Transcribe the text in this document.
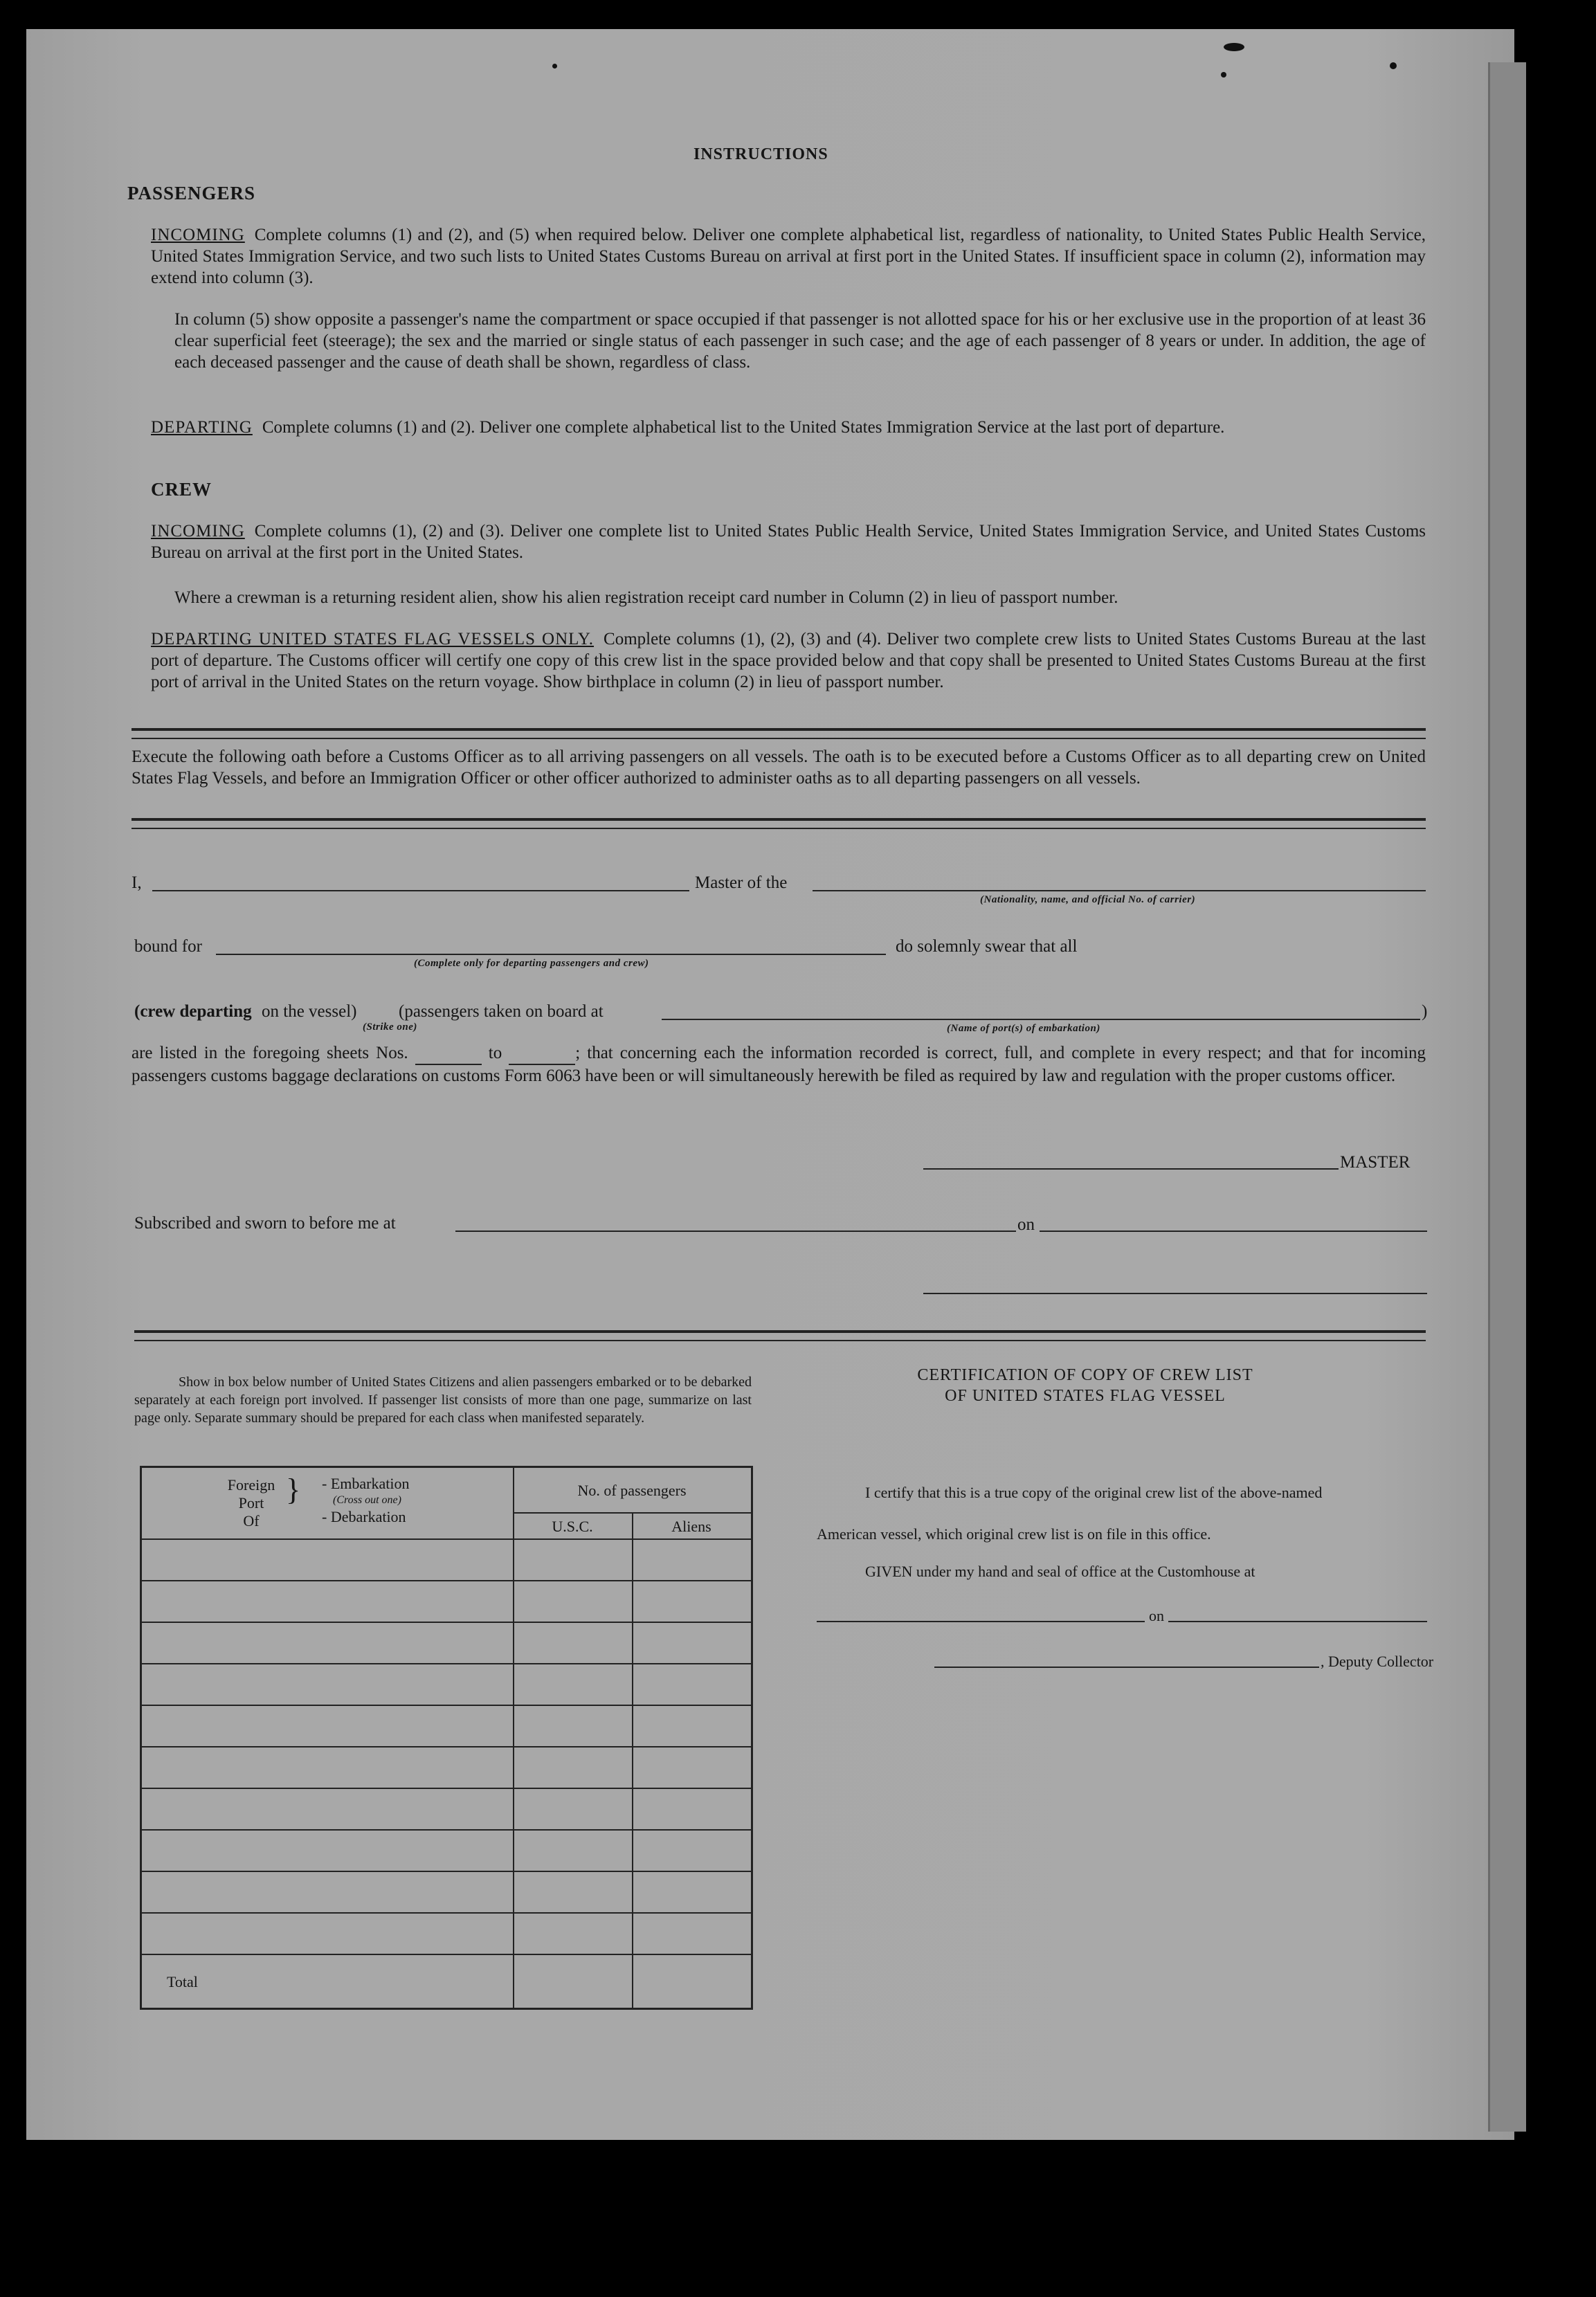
INSTRUCTIONS

PASSENGERS

INCOMING Complete columns (1) and (2), and (5) when required below. Deliver one complete alphabetical list, regardless of nationality, to United States Public Health Service, United States Immigration Service, and two such lists to United States Customs Bureau on arrival at first port in the United States. If insufficient space in column (2), information may extend into column (3).

In column (5) show opposite a passenger's name the compartment or space occupied if that passenger is not allotted space for his or her exclusive use in the proportion of at least 36 clear superficial feet (steerage); the sex and the married or single status of each passenger in such case; and the age of each passenger of 8 years or under. In addition, the age of each deceased passenger and the cause of death shall be shown, regardless of class.

DEPARTING Complete columns (1) and (2). Deliver one complete alphabetical list to the United States Immigration Service at the last port of departure.

CREW

INCOMING Complete columns (1), (2) and (3). Deliver one complete list to United States Public Health Service, United States Immigration Service, and United States Customs Bureau on arrival at the first port in the United States.

Where a crewman is a returning resident alien, show his alien registration receipt card number in Column (2) in lieu of passport number.

DEPARTING UNITED STATES FLAG VESSELS ONLY. Complete columns (1), (2), (3) and (4). Deliver two complete crew lists to United States Customs Bureau at the last port of departure. The Customs officer will certify one copy of this crew list in the space provided below and that copy shall be presented to United States Customs Bureau at the first port of arrival in the United States on the return voyage. Show birthplace in column (2) in lieu of passport number.

Execute the following oath before a Customs Officer as to all arriving passengers on all vessels. The oath is to be executed before a Customs Officer as to all departing crew on United States Flag Vessels, and before an Immigration Officer or other officer authorized to administer oaths as to all departing passengers on all vessels.

I,	Master of the
(Nationality, name, and official No. of carrier)
bound for
(Complete only for departing passengers and crew)
do solemnly swear that all
(crew departing on the vessel) (passengers taken on board at	)
(Strike one)	(Name of port(s) of embarkation)

are listed in the foregoing sheets Nos.	to	; that concerning each the information recorded is correct, full, and complete in every respect; and that for incoming passengers customs baggage declarations on customs Form 6063 have been or will simultaneously herewith be filed as required by law and regulation with the proper customs officer.

MASTER
Subscribed and sworn to before me at	on

Show in box below number of United States Citizens and alien passengers embarked or to be debarked separately at each foreign port involved. If passenger list consists of more than one page, summarize on last page only. Separate summary should be prepared for each class when manifested separately.

Foreign
Port
Of
} - Embarkation
(Cross out one)
- Debarkation
No. of passengers
U.S.C.	Aliens
Total

CERTIFICATION OF COPY OF CREW LIST

OF UNITED STATES FLAG VESSEL

I certify that this is a true copy of the original crew list of the above-named

American vessel, which original crew list is on file in this office.

GIVEN under my hand and seal of office at the Customhouse at

on
, Deputy Collector
